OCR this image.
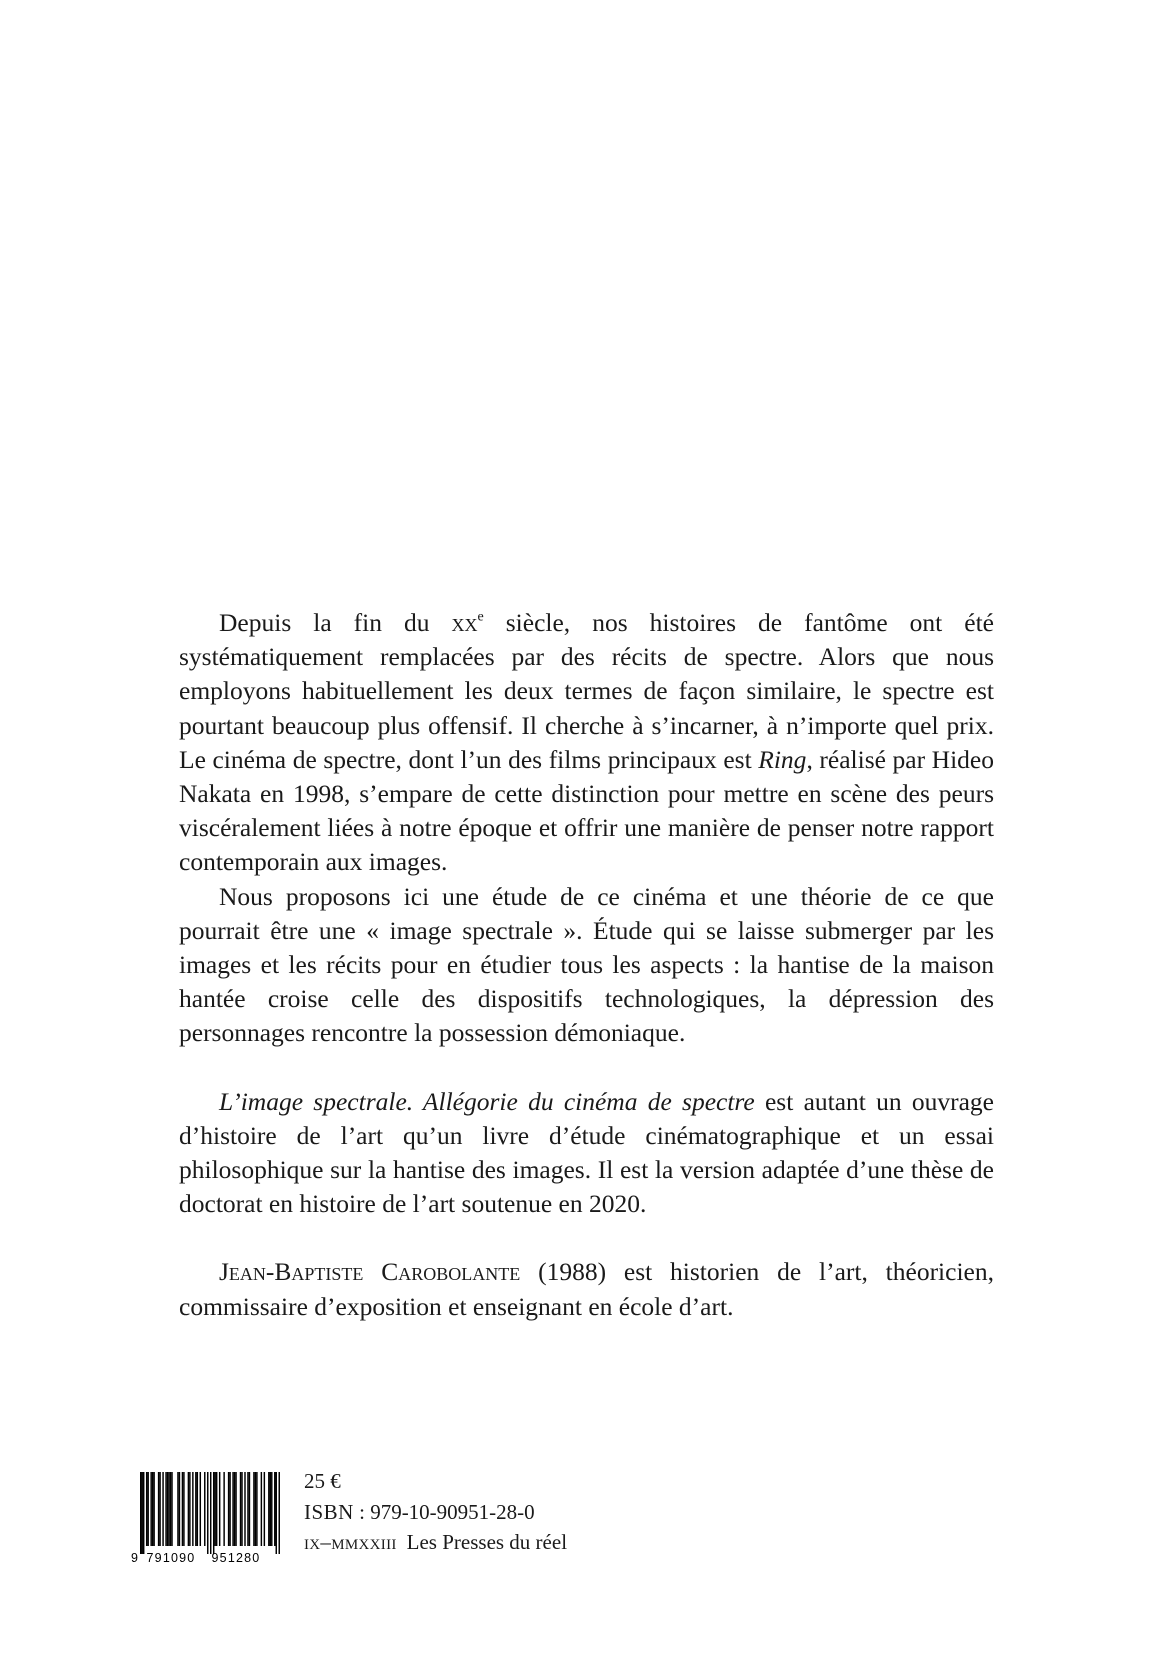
Depuis la fin du $xx^e$ siècle, nos histoires de fantôme ont été systématiquement remplacées par des récits de spectre. Alors que nous employons habituellement les deux termes de façon similaire, le spectre est pourtant beaucoup plus offensif. Il cherche à s’incarner, à n’importe quel prix. Le cinéma de spectre, dont l’un des films principaux est Ring, réalisé par Hideo Nakata en 1998, s’empare de cette distinction pour mettre en scène des peurs viscéralement liées à notre époque et offrir une manière de penser notre rapport contemporain aux images.

Nous proposons ici une étude de ce cinéma et une théorie de ce que pourrait être une « image spectrale ». Étude qui se laisse submerger par les images et les récits pour en étudier tous les aspects : la hantise de la maison hantée croise celle des dispositifs technologiques, la dépression des personnages rencontre la possession démoniaque.

L’image spectrale. Allégorie du cinéma de spectre est autant un ouvrage d’histoire de l’art qu’un livre d’étude cinématographique et un essai philosophique sur la hantise des images. Il est la version adaptée d’une thèse de doctorat en histoire de l’art soutenue en 2020.

Jean-Baptiste Carobolante (1988) est historien de l’art, théoricien, commissaire d’exposition et enseignant en école d’art.

9 791090 951280
25 €
ISBN : 979-10-90951-28-0
ix–mmxxiii Les Presses du réel
